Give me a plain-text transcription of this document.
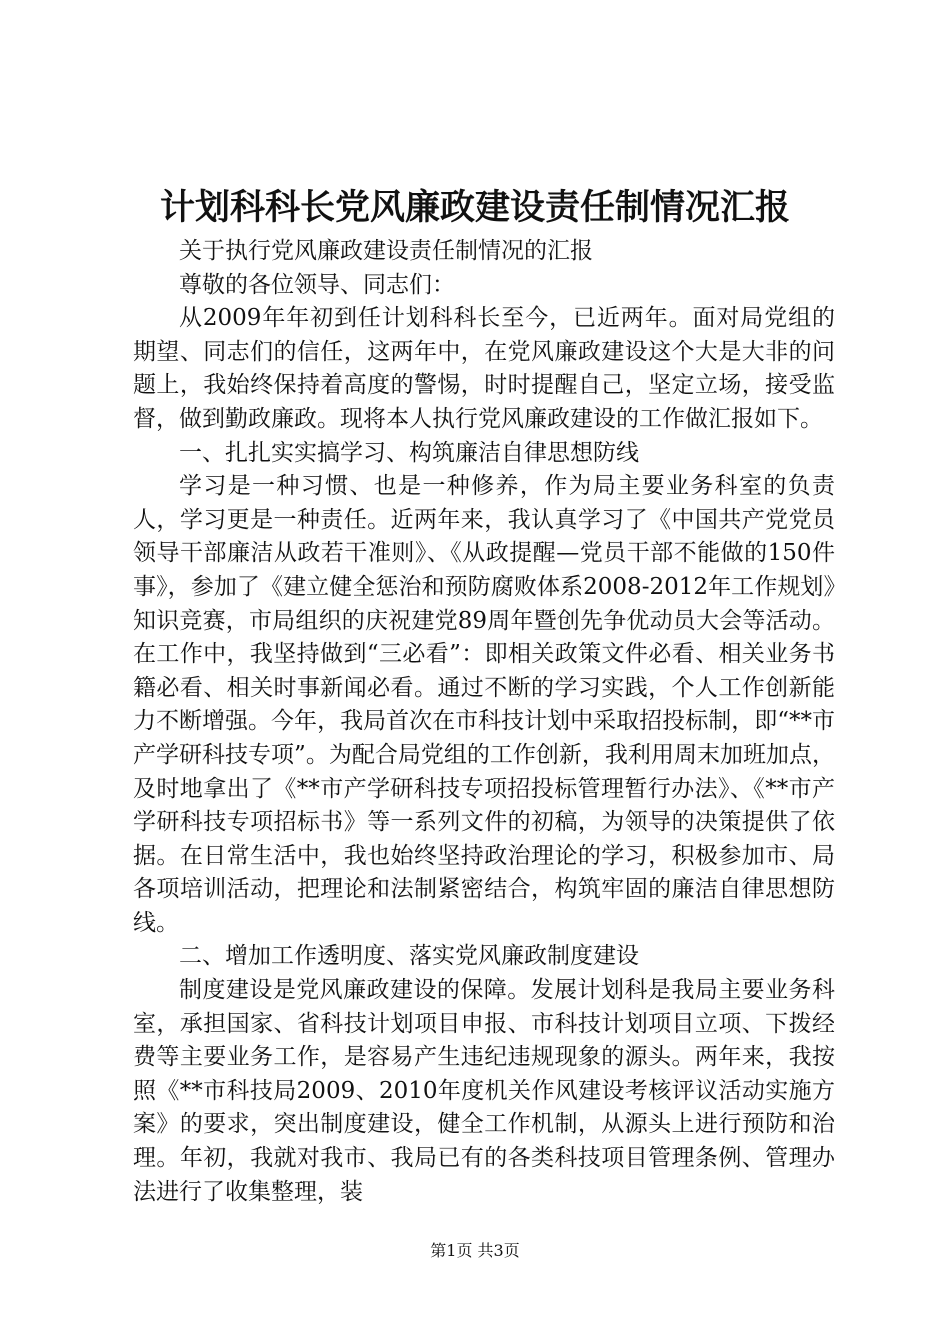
计划科科长党风廉政建设责任制情况汇报

关于执行党风廉政建设责任制情况的汇报

尊敬的各位领导、同志们：

从2009年年初到任计划科科长至今，已近两年。面对局党组的期望、同志们的信任，这两年中，在党风廉政建设这个大是大非的问题上，我始终保持着高度的警惕，时时提醒自己，坚定立场，接受监督，做到勤政廉政。现将本人执行党风廉政建设的工作做汇报如下。

一、扎扎实实搞学习、构筑廉洁自律思想防线

学习是一种习惯、也是一种修养，作为局主要业务科室的负责人，学习更是一种责任。近两年来，我认真学习了《中国共产党党员领导干部廉洁从政若干准则》、《从政提醒—党员干部不能做的150件事》，参加了《建立健全惩治和预防腐败体系2008-2012年工作规划》知识竞赛，市局组织的庆祝建党89周年暨创先争优动员大会等活动。在工作中，我坚持做到“三必看”：即相关政策文件必看、相关业务书籍必看、相关时事新闻必看。通过不断的学习实践，个人工作创新能力不断增强。今年，我局首次在市科技计划中采取招投标制，即“**市产学研科技专项”。为配合局党组的工作创新，我利用周末加班加点，及时地拿出了《**市产学研科技专项招投标管理暂行办法》、《**市产学研科技专项招标书》等一系列文件的初稿，为领导的决策提供了依据。在日常生活中，我也始终坚持政治理论的学习，积极参加市、局各项培训活动，把理论和法制紧密结合，构筑牢固的廉洁自律思想防线。

二、增加工作透明度、落实党风廉政制度建设

制度建设是党风廉政建设的保障。发展计划科是我局主要业务科室，承担国家、省科技计划项目申报、市科技计划项目立项、下拨经费等主要业务工作，是容易产生违纪违规现象的源头。两年来，我按照《**市科技局2009、2010年度机关作风建设考核评议活动实施方案》的要求，突出制度建设，健全工作机制，从源头上进行预防和治理。年初，我就对我市、我局已有的各类科技项目管理条例、管理办法进行了收集整理，装

第1页 共3页
